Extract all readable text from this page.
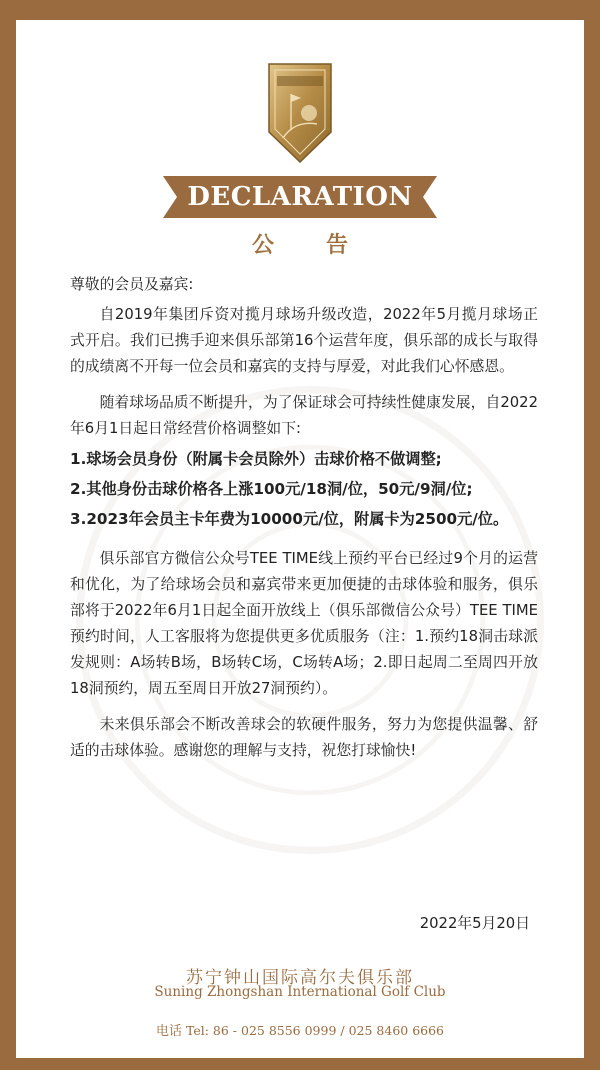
DECLARATION
公告

尊敬的会员及嘉宾:

自2019年集团斥资对揽月球场升级改造，2022年5月揽月球场正式开启。我们已携手迎来俱乐部第16个运营年度，俱乐部的成长与取得的成绩离不开每一位会员和嘉宾的支持与厚爱，对此我们心怀感恩。

随着球场品质不断提升，为了保证球会可持续性健康发展，自2022年6月1日起日常经营价格调整如下:

1.球场会员身份（附属卡会员除外）击球价格不做调整;

2.其他身份击球价格各上涨100元/18洞/位，50元/9洞/位;

3.2023年会员主卡年费为10000元/位，附属卡为2500元/位。

俱乐部官方微信公众号TEE TIME线上预约平台已经过9个月的运营和优化，为了给球场会员和嘉宾带来更加便捷的击球体验和服务，俱乐部将于2022年6月1日起全面开放线上（俱乐部微信公众号）TEE TIME预约时间，人工客服将为您提供更多优质服务（注：1.预约18洞击球派发规则：A场转B场，B场转C场，C场转A场；2.即日起周二至周四开放18洞预约，周五至周日开放27洞预约）。

未来俱乐部会不断改善球会的软硬件服务，努力为您提供温馨、舒适的击球体验。感谢您的理解与支持，祝您打球愉快!

2022年5月20日
苏宁钟山国际高尔夫俱乐部
Suning Zhongshan International Golf Club
电话 Tel: 86 - 025 8556 0999 / 025 8460 6666
